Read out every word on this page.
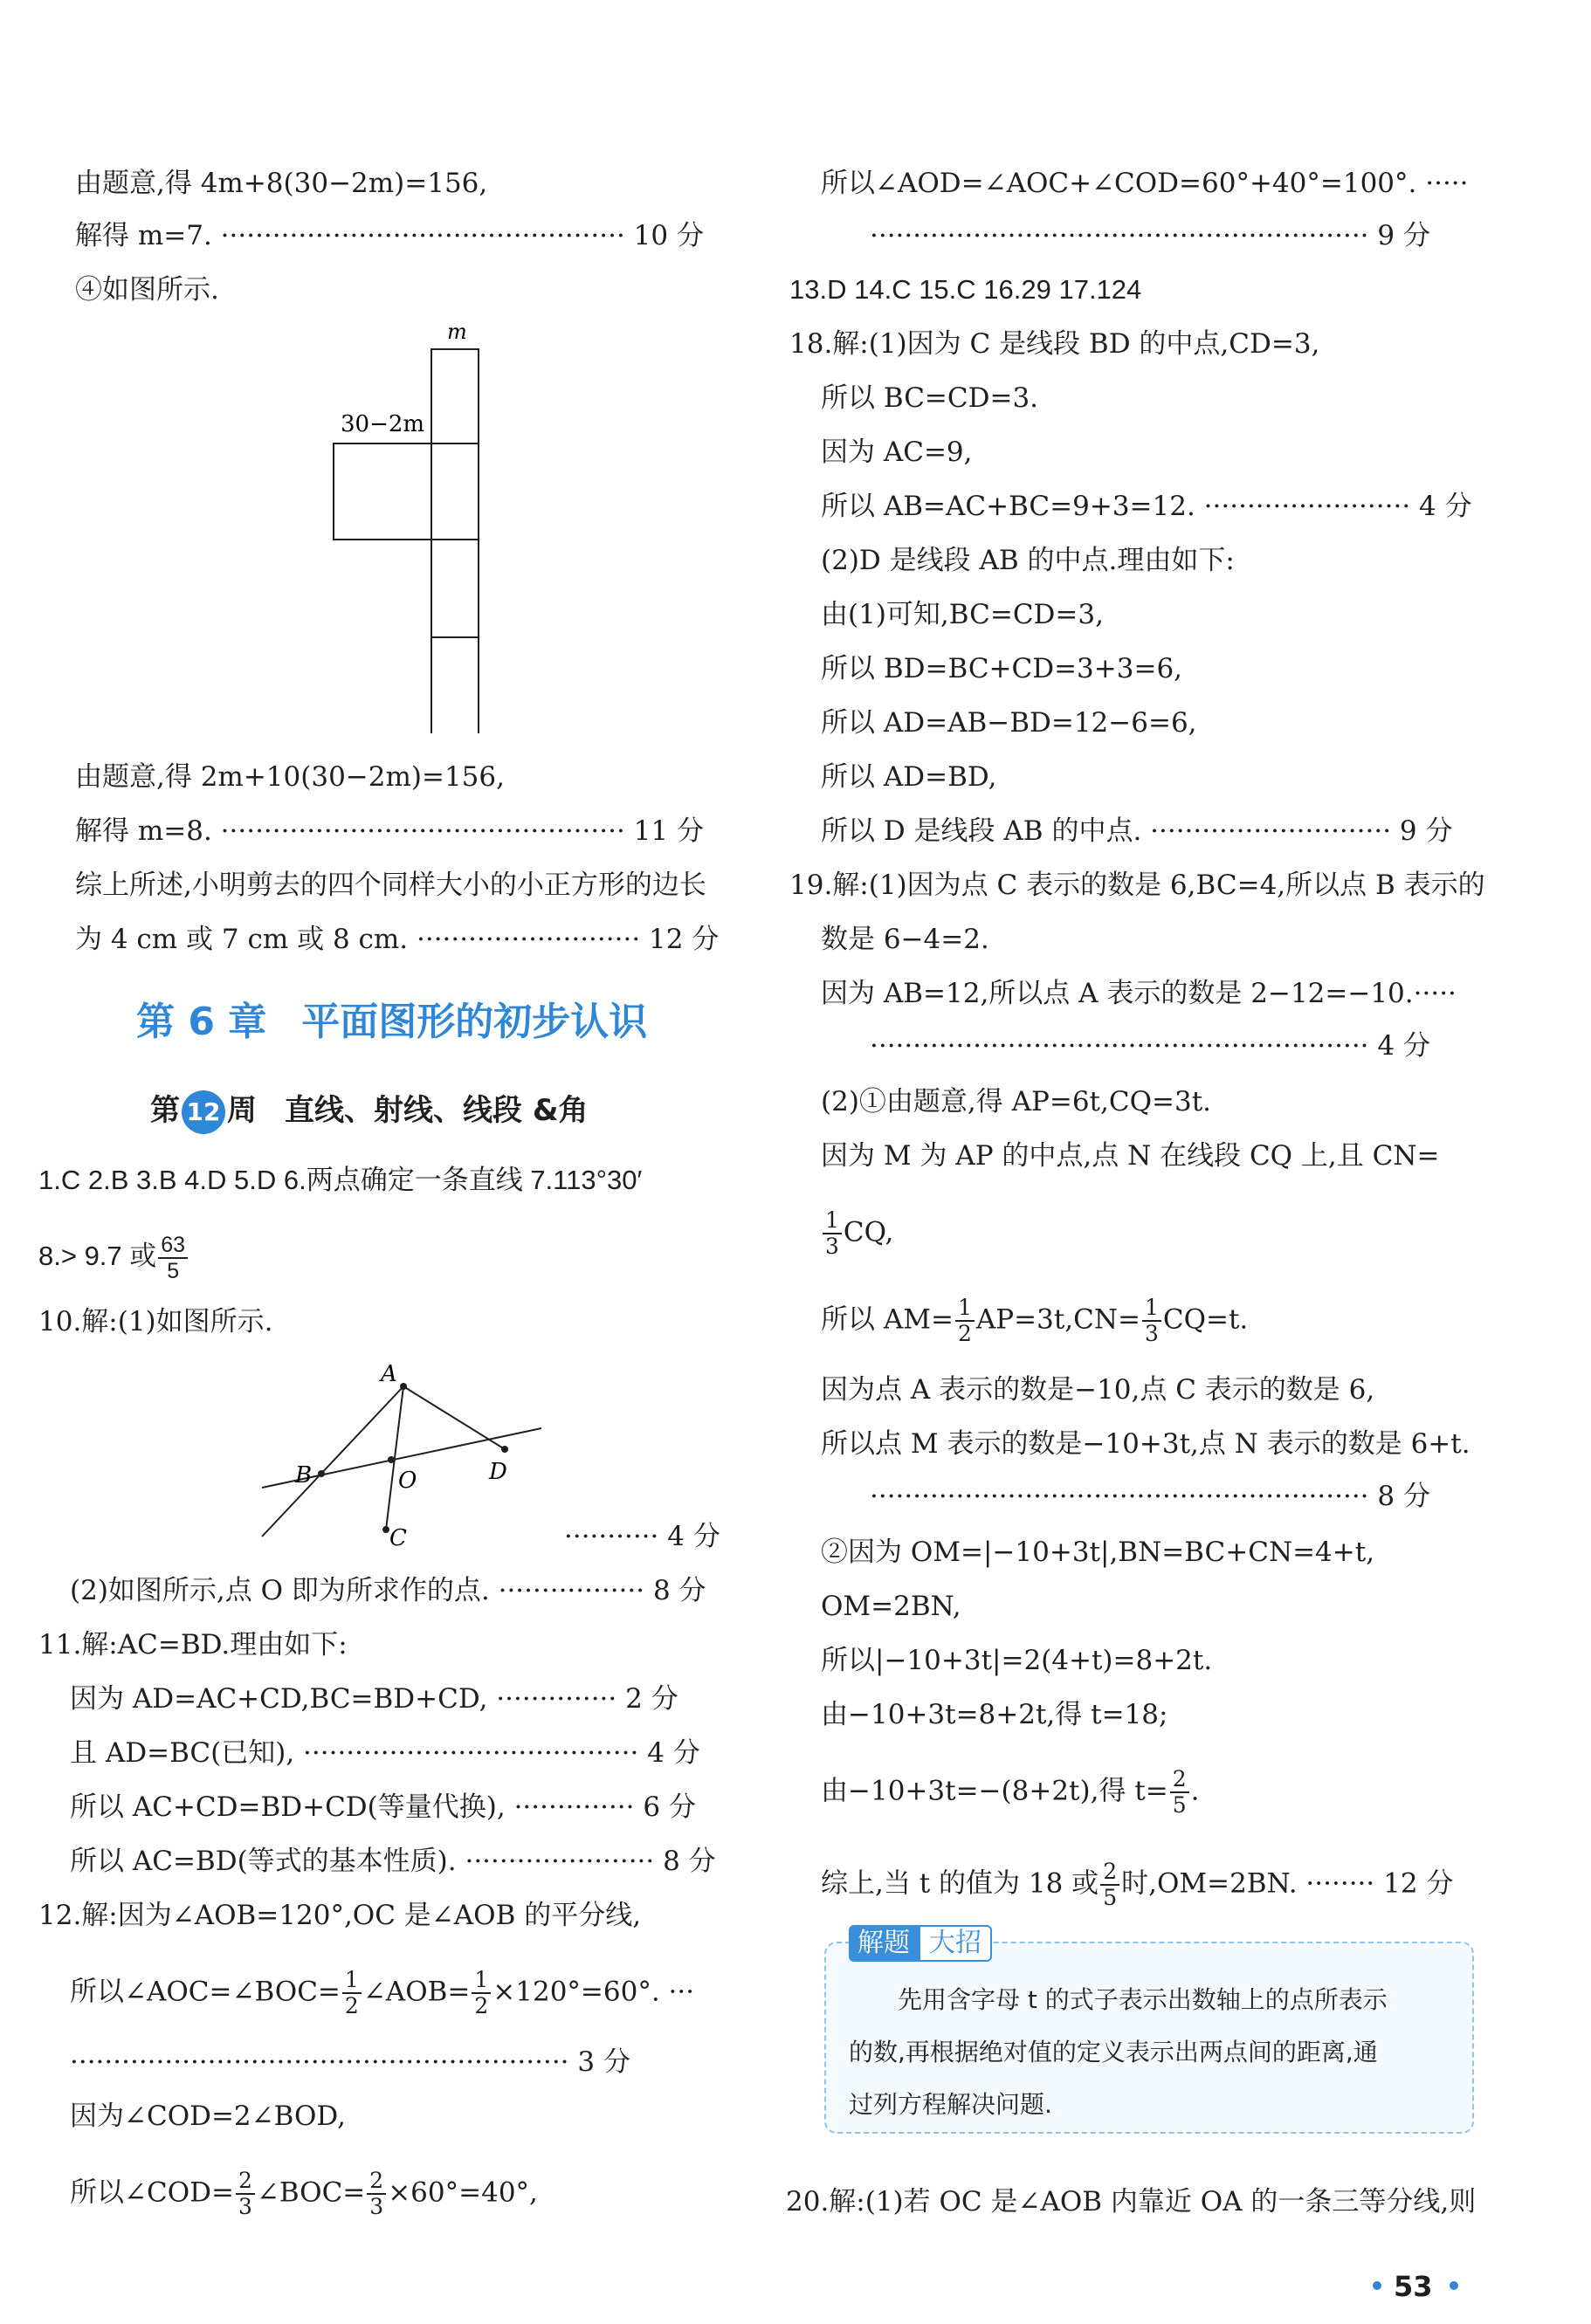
由题意,得 4m+8(30−2m)=156,
解得 m=7. ··············································· 10 分
④如图所示.
m
30−2m
由题意,得 2m+10(30−2m)=156,
解得 m=8. ··············································· 11 分
综上所述,小明剪去的四个同样大小的小正方形的边长
为 4 cm 或 7 cm 或 8 cm. ·························· 12 分
第 6 章 平面图形的初步认识
第 12 周 直线、射线、线段 &角
1.C 2.B 3.B 4.D 5.D 6.两点确定一条直线 7.113°30′
8.> 9.7 或 $\frac{63}{5}$
10.解:(1)如图所示.
A
B	O	D
C	··········· 4 分
(2)如图所示,点 O 即为所求作的点. ················· 8 分
11.解:AC=BD.理由如下:
因为 AD=AC+CD,BC=BD+CD, ·············· 2 分
且 AD=BC(已知), ······································· 4 分
所以 AC+CD=BD+CD(等量代换), ·············· 6 分
所以 AC=BD(等式的基本性质). ······················ 8 分
12.解:因为∠AOB=120°,OC 是∠AOB 的平分线,
所以∠AOC=∠BOC= $\frac{1}{2}$ ∠AOB= $\frac{1}{2} \times 120^\circ=60^\circ$. ···
·························································· 3 分
因为∠COD=2∠BOD,
所以∠COD= $\frac{2}{3}$ ∠BOC= $\frac{2}{3} \times 60^\circ=40^\circ$,
所以∠AOD=∠AOC+∠COD=60°+40°=100°. ·····
·························································· 9 分
13.D 14.C 15.C 16.29 17.124
18.解:(1)因为 C 是线段 BD 的中点,CD=3,
所以 BC=CD=3.
因为 AC=9,
所以 AB=AC+BC=9+3=12. ························ 4 分
(2)D 是线段 AB 的中点.理由如下:
由(1)可知,BC=CD=3,
所以 BD=BC+CD=3+3=6,
所以 AD=AB−BD=12−6=6,
所以 AD=BD,
所以 D 是线段 AB 的中点. ···························· 9 分
19.解:(1)因为点 C 表示的数是 6,BC=4,所以点 B 表示的
数是 6−4=2.
因为 AB=12,所以点 A 表示的数是 2−12=−10.·····
·························································· 4 分
(2)①由题意,得 AP=6t,CQ=3t.
因为 M 为 AP 的中点,点 N 在线段 CQ 上,且 CN=
$\frac{1}{3}$ CQ,
所以 $AM= \frac{1}{2} AP=3t,CN= \frac{1}{3} CQ=t$.
因为点 A 表示的数是−10,点 C 表示的数是 6,
所以点 M 表示的数是−10+3t,点 N 表示的数是 6+t.
·························································· 8 分
②因为 OM=|−10+3t|,BN=BC+CN=4+t,
OM=2BN,
所以|−10+3t|=2(4+t)=8+2t.
由−10+3t=8+2t,得 t=18;
由−10+3t=−(8+2t),得 $t= \frac{2}{5}$ .
综上,当 t 的值为 18 或 $\frac{2}{5}$ 时,OM=2BN. ········ 12 分
解题 大招
先用含字母 t 的式子表示出数轴上的点所表示
的数,再根据绝对值的定义表示出两点间的距离,通
过列方程解决问题.
20.解:(1)若 OC 是∠AOB 内靠近 OA 的一条三等分线,则
53
